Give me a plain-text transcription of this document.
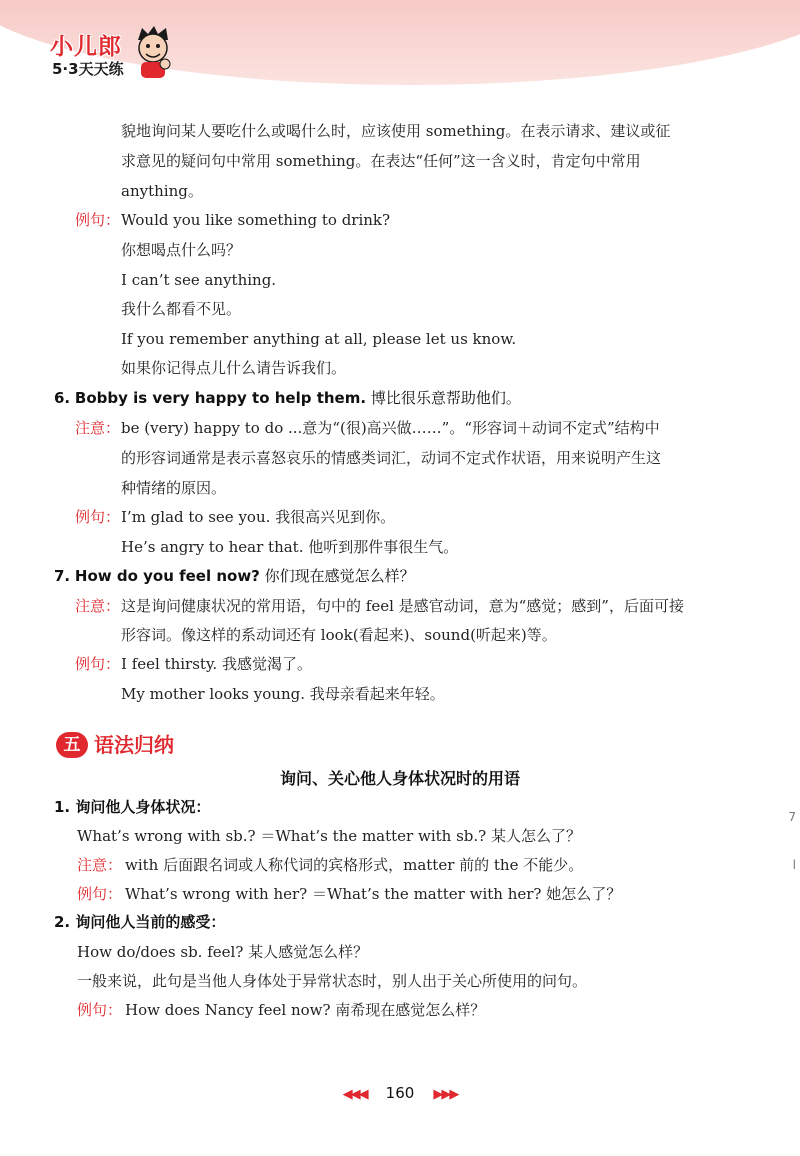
小儿郎
5·3天天练
貌地询问某人要吃什么或喝什么时，应该使用 something。在表示请求、建议或征
求意见的疑问句中常用 something。在表达“任何”这一含义时，肯定句中常用
anything。
例句： Would you like something to drink?
你想喝点什么吗？
I can’t see anything.
我什么都看不见。
If you remember anything at all, please let us know.
如果你记得点儿什么请告诉我们。
6. Bobby is very happy to help them. 博比很乐意帮助他们。
注意： be (very) happy to do ...意为“(很)高兴做……”。“形容词＋动词不定式”结构中
的形容词通常是表示喜怒哀乐的情感类词汇，动词不定式作状语，用来说明产生这
种情绪的原因。
例句： I’m glad to see you. 我很高兴见到你。
He’s angry to hear that. 他听到那件事很生气。
7. How do you feel now? 你们现在感觉怎么样？
注意： 这是询问健康状况的常用语，句中的 feel 是感官动词，意为“感觉；感到”，后面可接
形容词。像这样的系动词还有 look(看起来)、sound(听起来)等。
例句： I feel thirsty. 我感觉渴了。
My mother looks young. 我母亲看起来年轻。
五 语法归纳
询问、关心他人身体状况时的用语
1. 询问他人身体状况：
What’s wrong with sb.? ＝What’s the matter with sb.? 某人怎么了？
注意： with 后面跟名词或人称代词的宾格形式，matter 前的 the 不能少。
例句： What’s wrong with her? ＝What’s the matter with her? 她怎么了？
2. 询问他人当前的感受：
How do/does sb. feel? 某人感觉怎么样？
一般来说，此句是当他人身体处于异常状态时，别人出于关心所使用的问句。
例句： How does Nancy feel now? 南希现在感觉怎么样？
7
l
◀◀◀ 160 ▶▶▶
